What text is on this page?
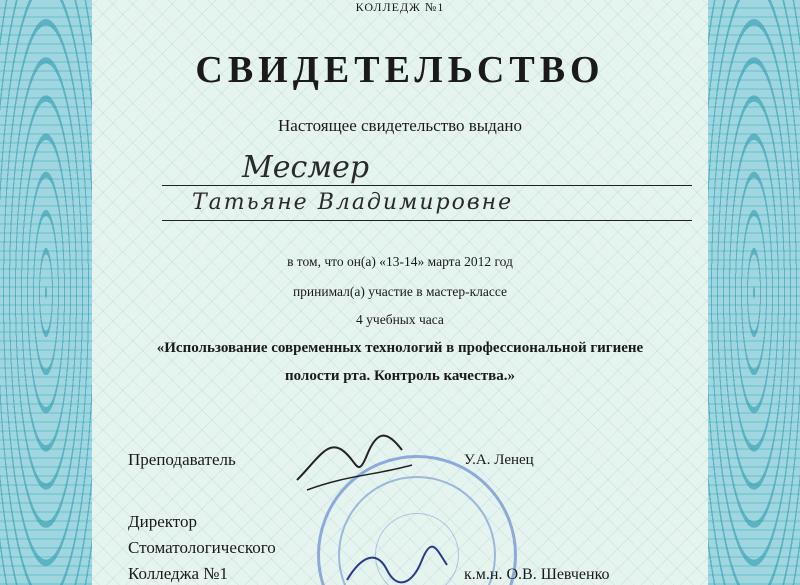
КОЛЛЕДЖ №1
СВИДЕТЕЛЬСТВО
Настоящее свидетельство выдано
Месмер
Татьяне Владимировне
в том, что он(а) «13-14» марта 2012 год
принимал(а) участие в мастер-классе
4 учебных часа
«Использование современных технологий в профессиональной гигиене
полости рта. Контроль качества.»
Преподаватель	У.А. Ленец
Директор
Стоматологического
Колледжа №1	к.м.н. О.В. Шевченко
